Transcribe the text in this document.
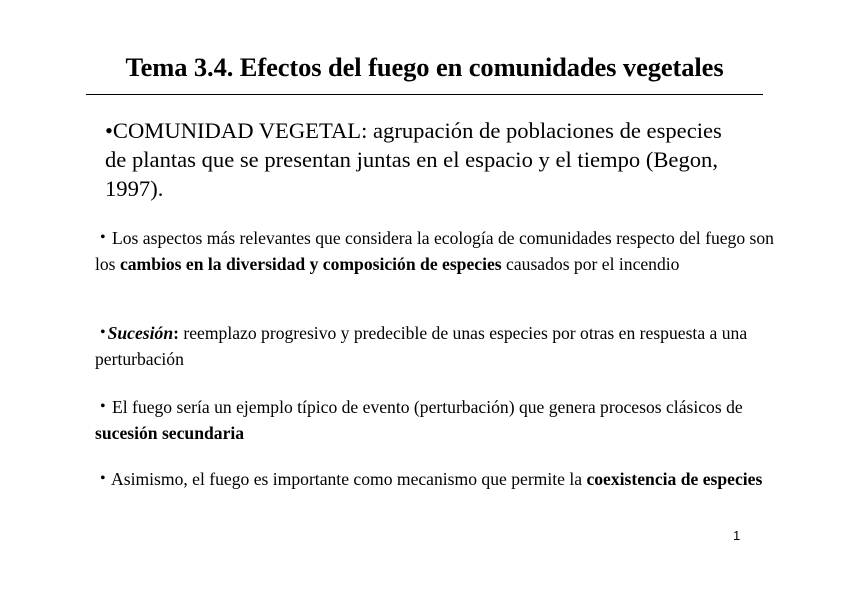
Tema 3.4. Efectos del fuego en comunidades vegetales

•COMUNIDAD VEGETAL: agrupación de poblaciones de especies de plantas que se presentan juntas en el espacio y el tiempo (Begon, 1997).

• Los aspectos más relevantes que considera la ecología de comunidades respecto del fuego son los cambios en la diversidad y composición de especies causados por el incendio

• Sucesión: reemplazo progresivo y predecible de unas especies por otras en respuesta a una perturbación

• El fuego sería un ejemplo típico de evento (perturbación) que genera procesos clásicos de sucesión secundaria

• Asimismo, el fuego es importante como mecanismo que permite la coexistencia de especies

1
